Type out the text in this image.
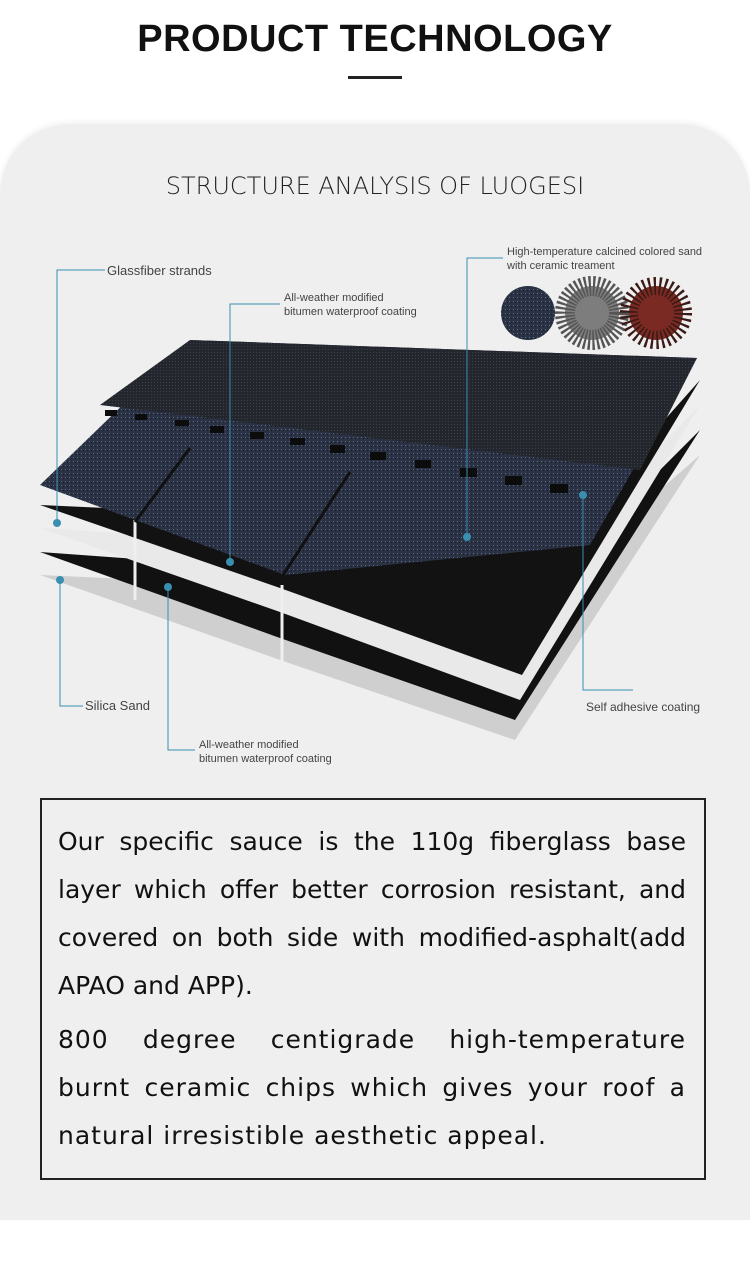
PRODUCT TECHNOLOGY
STRUCTURE ANALYSIS OF LUOGESI
Glassfiber strands
All-weather modified
bitumen waterproof coating
High-temperature calcined colored sand
with ceramic treament
Silica Sand
All-weather modified
bitumen waterproof coating
Self adhesive coating

Our specific sauce is the 110g fiberglass base layer which offer better corrosion resistant, and covered on both side with modified-asphalt(add APAO and APP).

800 degree centigrade high-temperature burnt ceramic chips which gives your roof a natural irresistible aesthetic appeal.
